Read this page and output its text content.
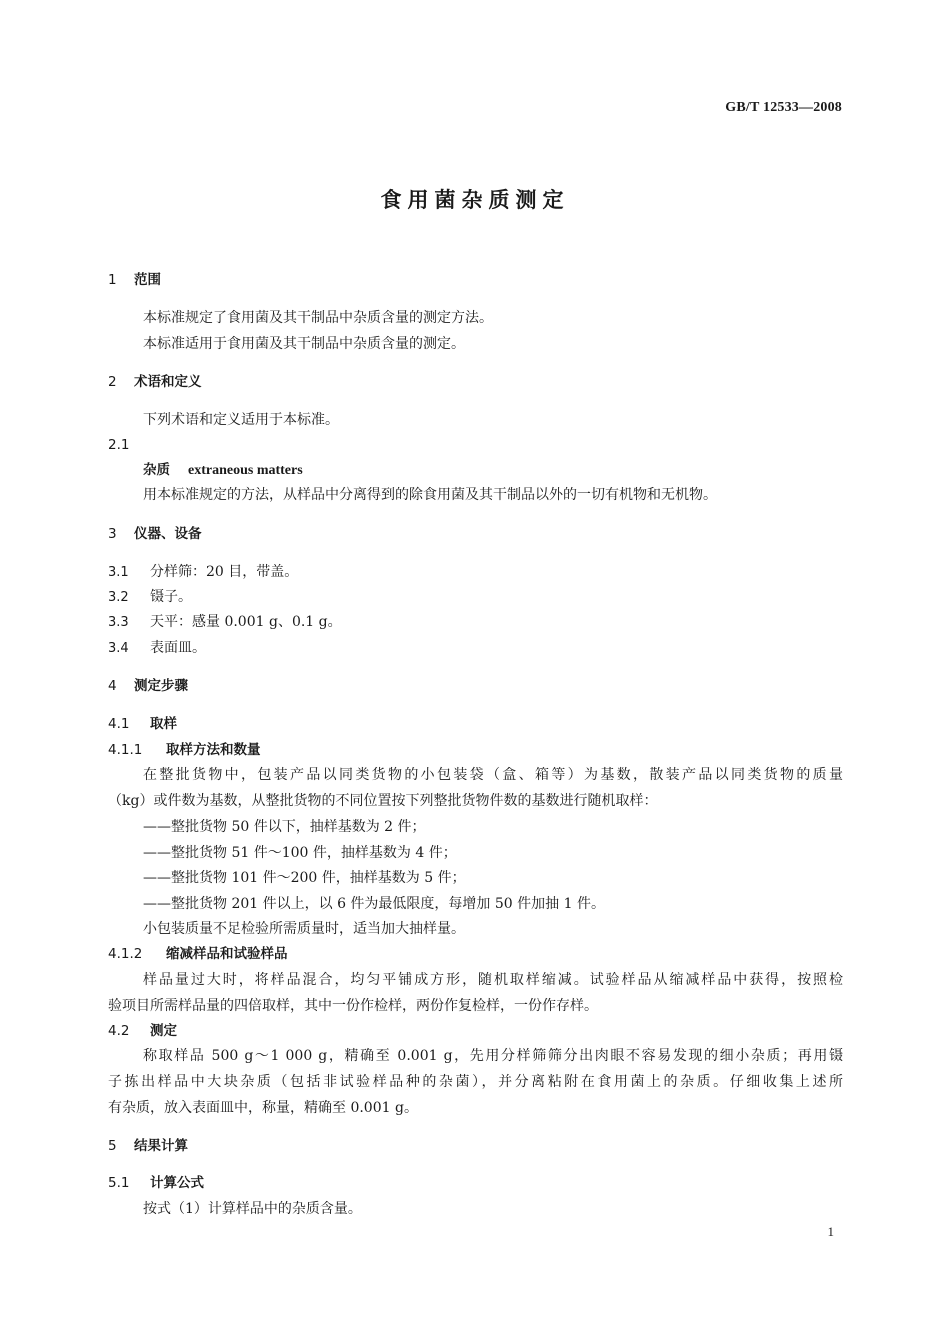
GB/T 12533—2008
食用菌杂质测定
1 范围
本标准规定了食用菌及其干制品中杂质含量的测定方法。
本标准适用于食用菌及其干制品中杂质含量的测定。
2 术语和定义
下列术语和定义适用于本标准。
2.1
杂质 extraneous matters
用本标准规定的方法，从样品中分离得到的除食用菌及其干制品以外的一切有机物和无机物。
3 仪器、设备
3.1 分样筛：20 目，带盖。
3.2 镊子。
3.3 天平：感量 0.001 g、0.1 g。
3.4 表面皿。
4 测定步骤
4.1 取样
4.1.1 取样方法和数量
在整批货物中，包装产品以同类货物的小包装袋（盒、箱等）为基数，散装产品以同类货物的质量
（kg）或件数为基数，从整批货物的不同位置按下列整批货物件数的基数进行随机取样：
——整批货物 50 件以下，抽样基数为 2 件；
——整批货物 51 件～100 件，抽样基数为 4 件；
——整批货物 101 件～200 件，抽样基数为 5 件；
——整批货物 201 件以上，以 6 件为最低限度，每增加 50 件加抽 1 件。
小包装质量不足检验所需质量时，适当加大抽样量。
4.1.2 缩减样品和试验样品
样品量过大时，将样品混合，均匀平铺成方形，随机取样缩减。试验样品从缩减样品中获得，按照检
验项目所需样品量的四倍取样，其中一份作检样，两份作复检样，一份作存样。
4.2 测定
称取样品 500 g～1 000 g，精确至 0.001 g，先用分样筛筛分出肉眼不容易发现的细小杂质；再用镊
子拣出样品中大块杂质（包括非试验样品种的杂菌），并分离粘附在食用菌上的杂质。仔细收集上述所
有杂质，放入表面皿中，称量，精确至 0.001 g。
5 结果计算
5.1 计算公式
按式（1）计算样品中的杂质含量。
1
